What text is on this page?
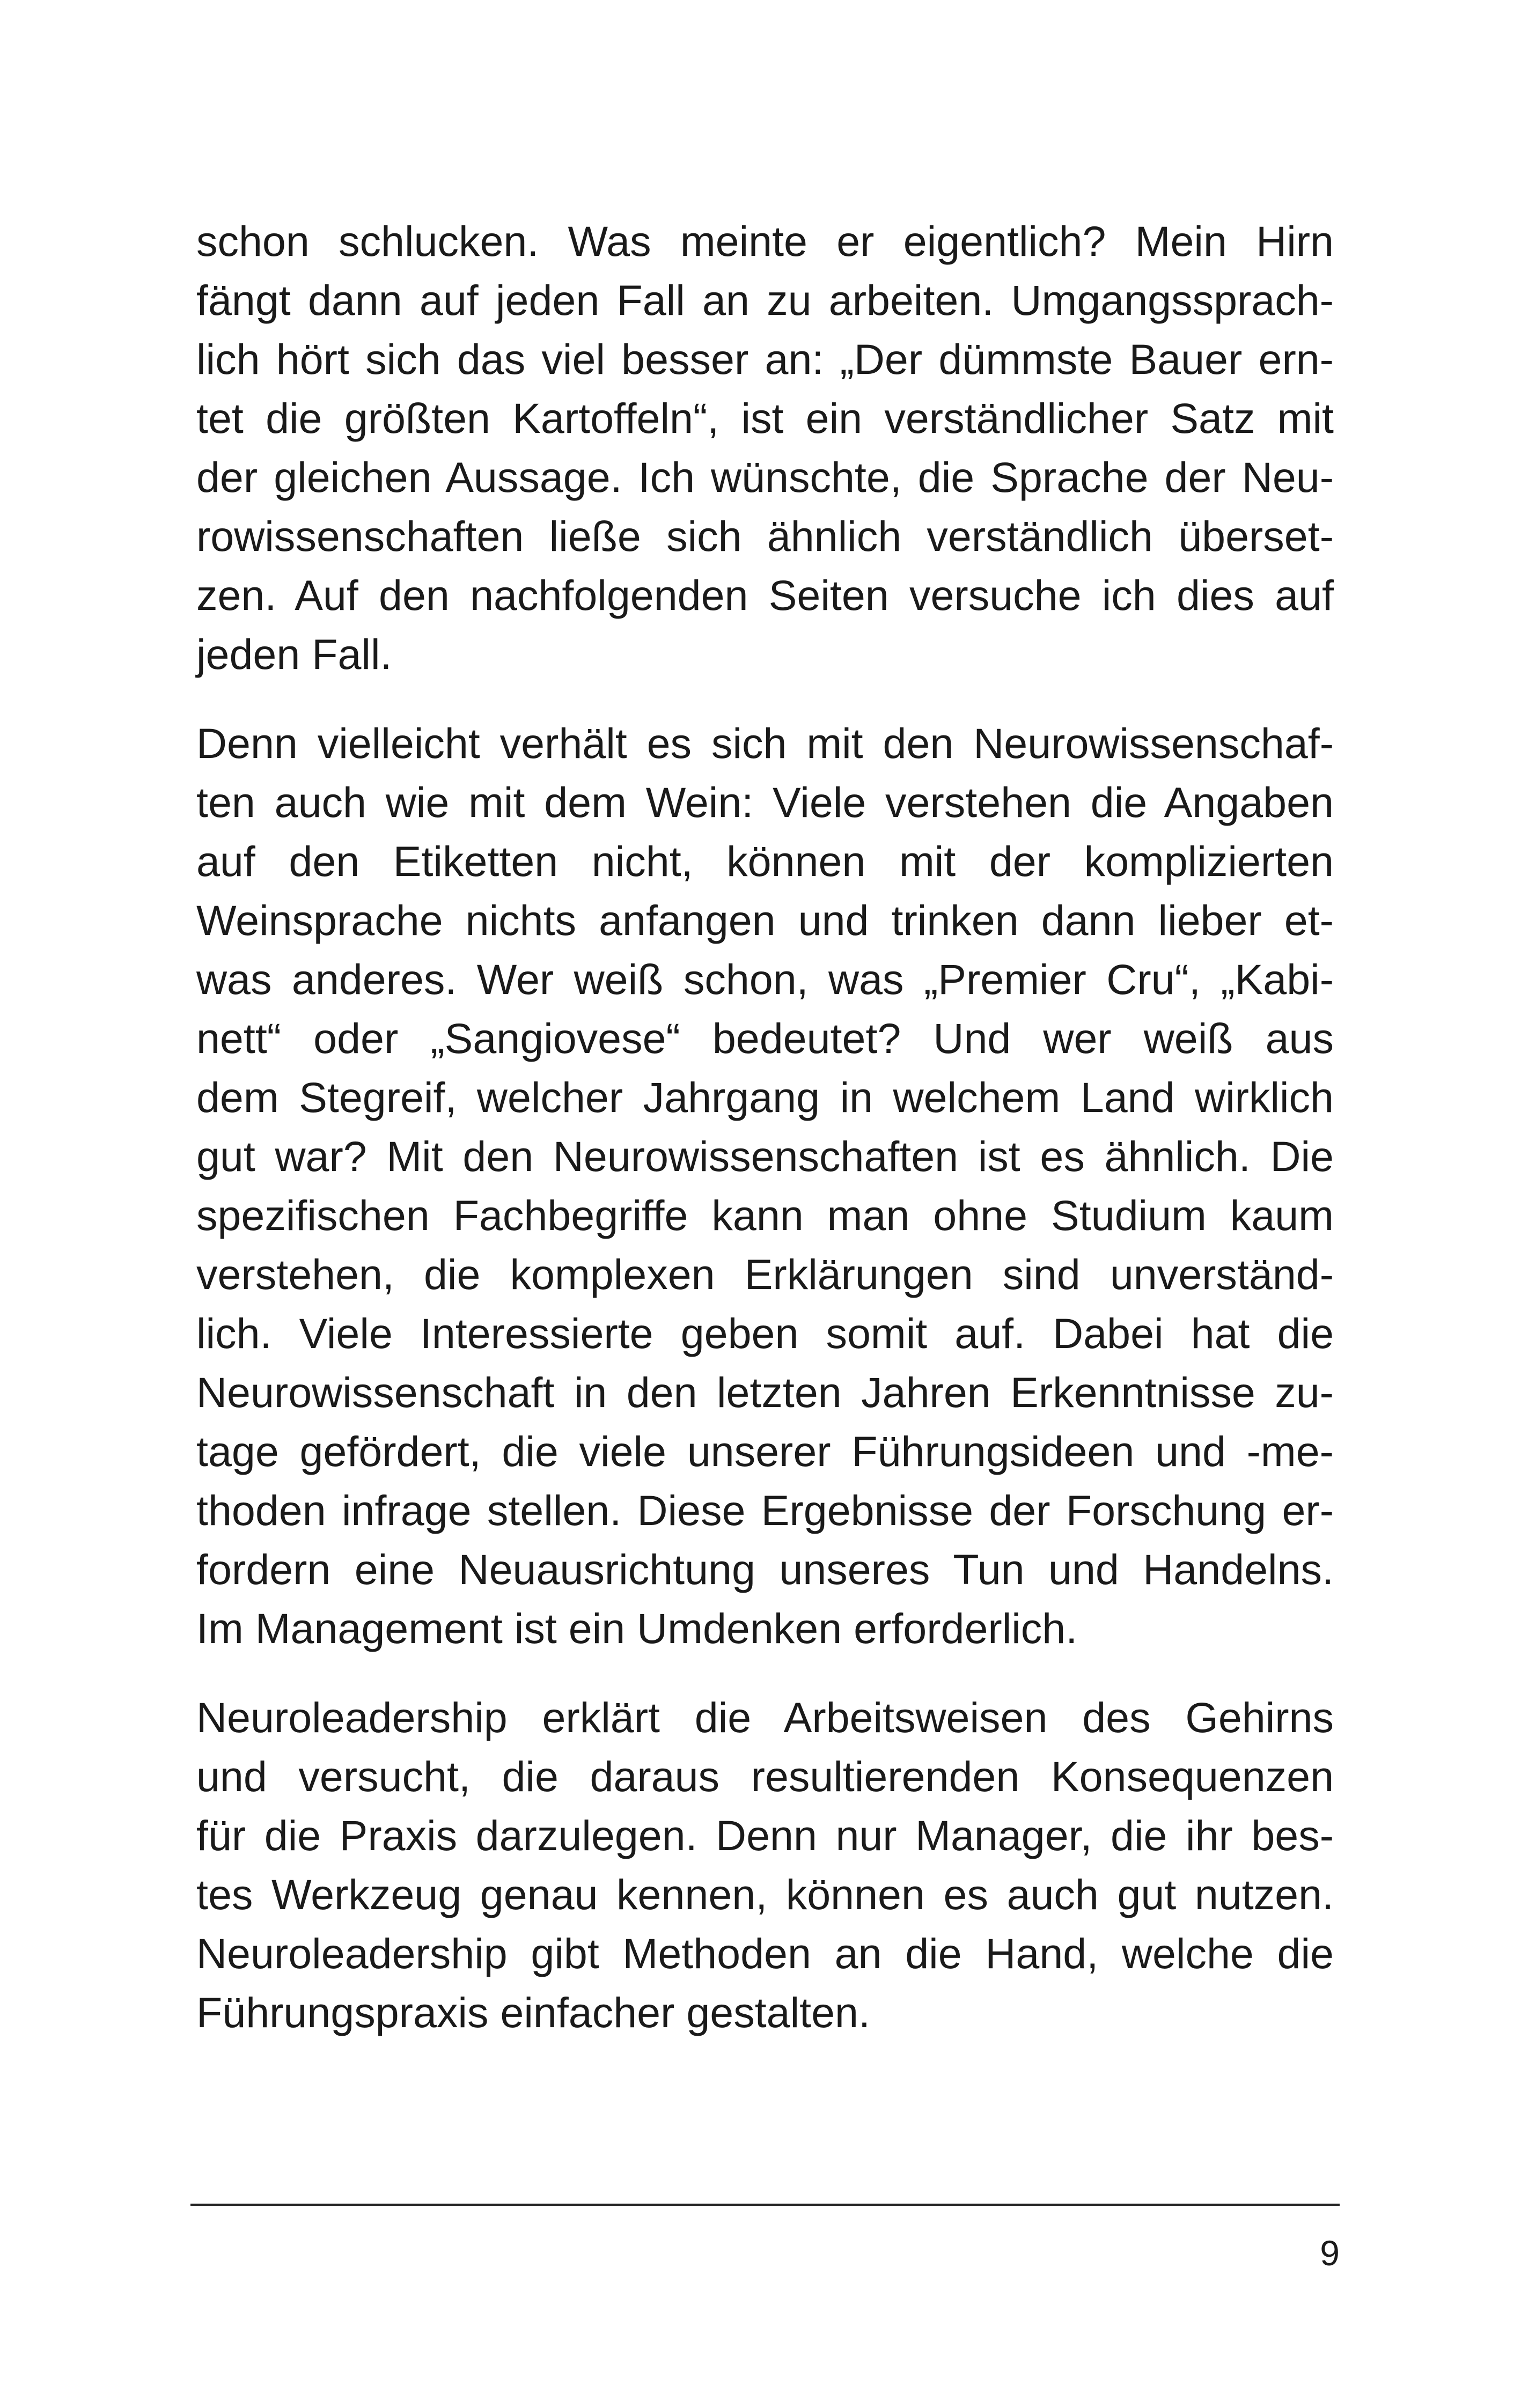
schon schlucken. Was meinte er eigentlich? Mein Hirn
fängt dann auf jeden Fall an zu arbeiten. Umgangssprach-
lich hört sich das viel besser an: „Der dümmste Bauer ern-
tet die größten Kartoffeln“, ist ein verständlicher Satz mit
der gleichen Aussage. Ich wünschte, die Sprache der Neu-
rowissenschaften ließe sich ähnlich verständlich überset-
zen. Auf den nachfolgenden Seiten versuche ich dies auf
jeden Fall.
Denn vielleicht verhält es sich mit den Neurowissenschaf-
ten auch wie mit dem Wein: Viele verstehen die Angaben
auf den Etiketten nicht, können mit der komplizierten
Weinsprache nichts anfangen und trinken dann lieber et-
was anderes. Wer weiß schon, was „Premier Cru“, „Kabi-
nett“ oder „Sangiovese“ bedeutet? Und wer weiß aus
dem Stegreif, welcher Jahrgang in welchem Land wirklich
gut war? Mit den Neurowissenschaften ist es ähnlich. Die
spezifischen Fachbegriffe kann man ohne Studium kaum
verstehen, die komplexen Erklärungen sind unverständ-
lich. Viele Interessierte geben somit auf. Dabei hat die
Neurowissenschaft in den letzten Jahren Erkenntnisse zu-
tage gefördert, die viele unserer Führungsideen und -me-
thoden infrage stellen. Diese Ergebnisse der Forschung er-
fordern eine Neuausrichtung unseres Tun und Handelns.
Im Management ist ein Umdenken erforderlich.
Neuroleadership erklärt die Arbeitsweisen des Gehirns
und versucht, die daraus resultierenden Konsequenzen
für die Praxis darzulegen. Denn nur Manager, die ihr bes-
tes Werkzeug genau kennen, können es auch gut nutzen.
Neuroleadership gibt Methoden an die Hand, welche die
Führungspraxis einfacher gestalten.
9
